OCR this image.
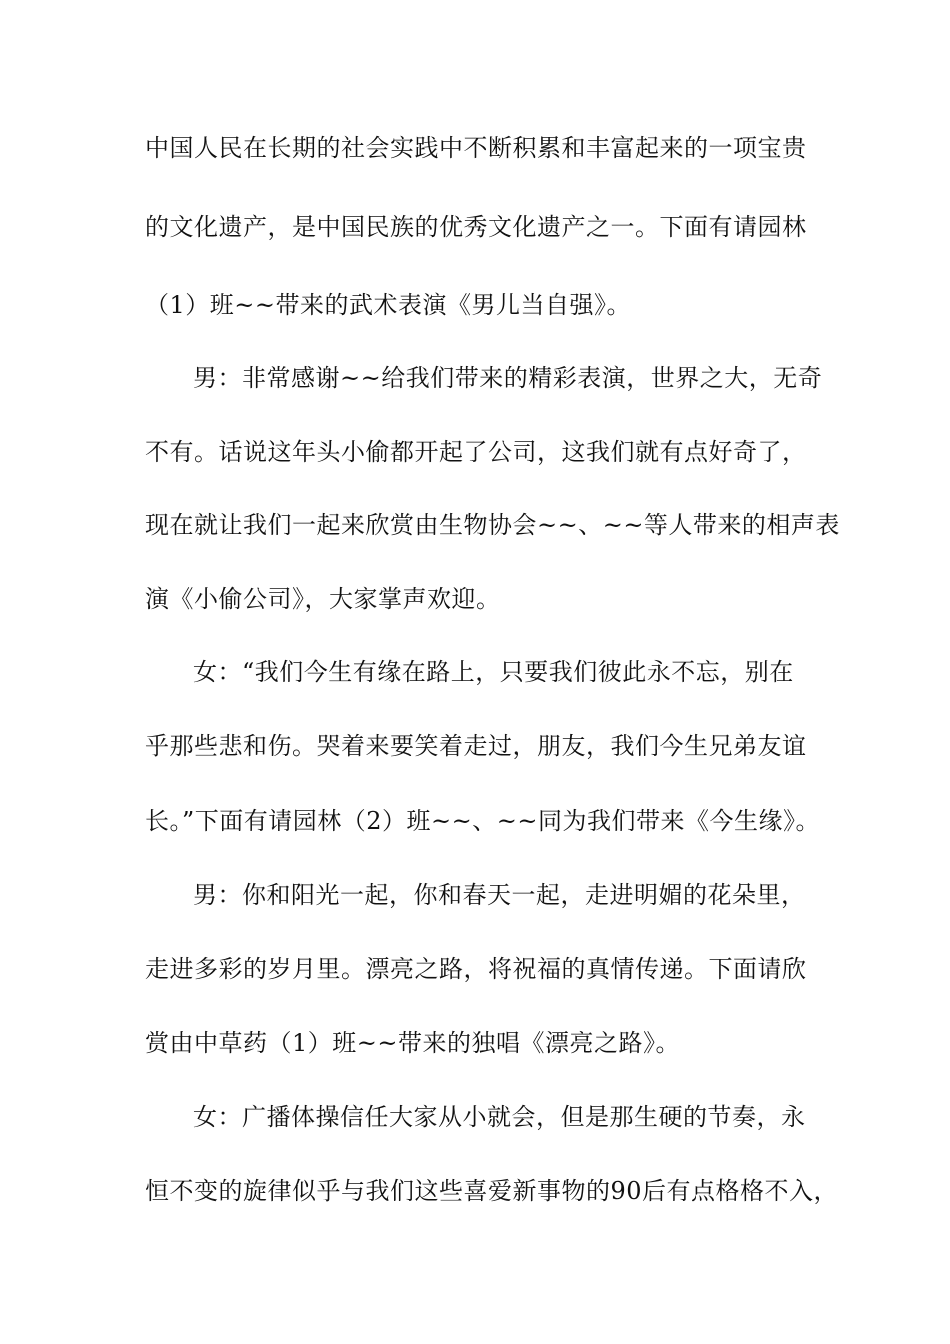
中国人民在长期的社会实践中不断积累和丰富起来的一项宝贵
的文化遗产，是中国民族的优秀文化遗产之一。下面有请园林
（1）班~~带来的武术表演《男儿当自强》。
男：非常感谢~~给我们带来的精彩表演，世界之大，无奇
不有。话说这年头小偷都开起了公司，这我们就有点好奇了，
现在就让我们一起来欣赏由生物协会~~、~~等人带来的相声表
演《小偷公司》，大家掌声欢迎。
女：“我们今生有缘在路上，只要我们彼此永不忘，别在
乎那些悲和伤。哭着来要笑着走过，朋友，我们今生兄弟友谊
长。”下面有请园林（2）班~~、~~同为我们带来《今生缘》。
男：你和阳光一起，你和春天一起，走进明媚的花朵里，
走进多彩的岁月里。漂亮之路，将祝福的真情传递。下面请欣
赏由中草药（1）班~~带来的独唱《漂亮之路》。
女：广播体操信任大家从小就会，但是那生硬的节奏，永
恒不变的旋律似乎与我们这些喜爱新事物的90后有点格格不入，
